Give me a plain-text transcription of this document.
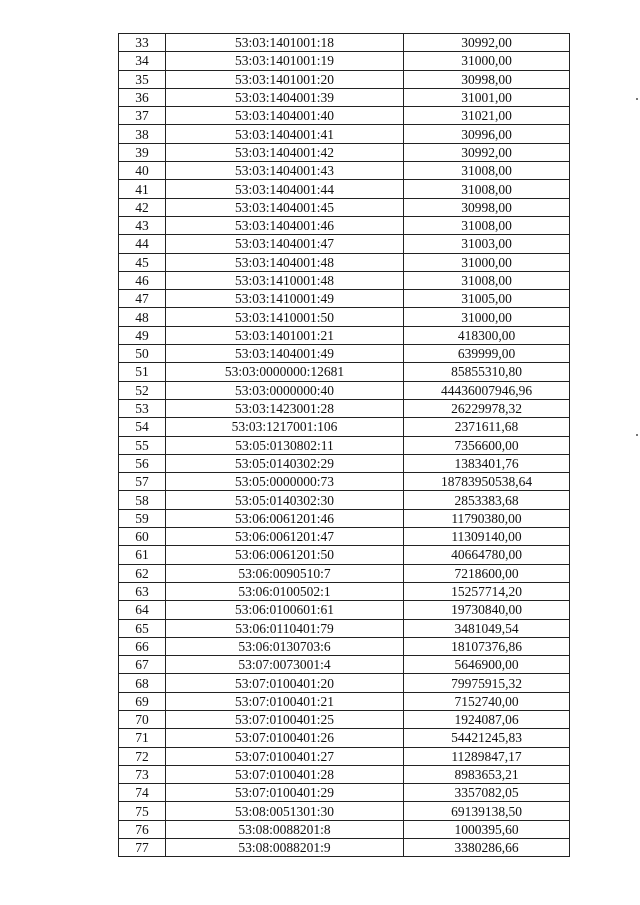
33	53:03:1401001:18	30992,00
34	53:03:1401001:19	31000,00
35	53:03:1401001:20	30998,00
36	53:03:1404001:39	31001,00
37	53:03:1404001:40	31021,00
38	53:03:1404001:41	30996,00
39	53:03:1404001:42	30992,00
40	53:03:1404001:43	31008,00
41	53:03:1404001:44	31008,00
42	53:03:1404001:45	30998,00
43	53:03:1404001:46	31008,00
44	53:03:1404001:47	31003,00
45	53:03:1404001:48	31000,00
46	53:03:1410001:48	31008,00
47	53:03:1410001:49	31005,00
48	53:03:1410001:50	31000,00
49	53:03:1401001:21	418300,00
50	53:03:1404001:49	639999,00
51	53:03:0000000:12681	85855310,80
52	53:03:0000000:40	44436007946,96
53	53:03:1423001:28	26229978,32
54	53:03:1217001:106	2371611,68
55	53:05:0130802:11	7356600,00
56	53:05:0140302:29	1383401,76
57	53:05:0000000:73	18783950538,64
58	53:05:0140302:30	2853383,68
59	53:06:0061201:46	11790380,00
60	53:06:0061201:47	11309140,00
61	53:06:0061201:50	40664780,00
62	53:06:0090510:7	7218600,00
63	53:06:0100502:1	15257714,20
64	53:06:0100601:61	19730840,00
65	53:06:0110401:79	3481049,54
66	53:06:0130703:6	18107376,86
67	53:07:0073001:4	5646900,00
68	53:07:0100401:20	79975915,32
69	53:07:0100401:21	7152740,00
70	53:07:0100401:25	1924087,06
71	53:07:0100401:26	54421245,83
72	53:07:0100401:27	11289847,17
73	53:07:0100401:28	8983653,21
74	53:07:0100401:29	3357082,05
75	53:08:0051301:30	69139138,50
76	53:08:0088201:8	1000395,60
77	53:08:0088201:9	3380286,66
